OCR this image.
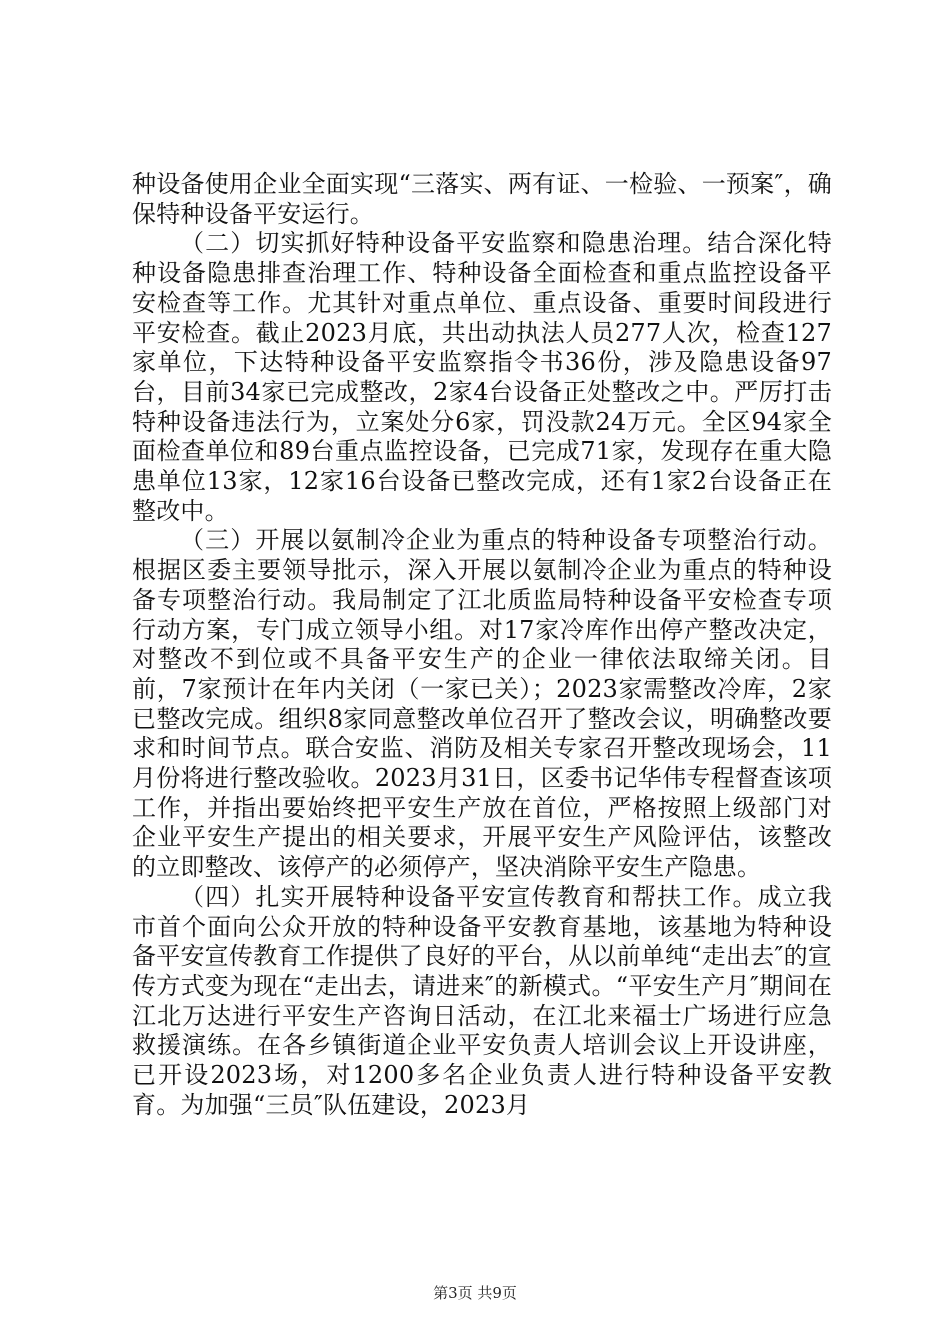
种设备使用企业全面实现“三落实、两有证、一检验、一预案″，确保特种设备平安运行。

（二）切实抓好特种设备平安监察和隐患治理。结合深化特种设备隐患排查治理工作、特种设备全面检查和重点监控设备平安检查等工作。尤其针对重点单位、重点设备、重要时间段进行平安检查。截止2023月底，共出动执法人员277人次，检查127家单位，下达特种设备平安监察指令书36份，涉及隐患设备97台，目前34家已完成整改，2家4台设备正处整改之中。严厉打击特种设备违法行为，立案处分6家，罚没款24万元。全区94家全面检查单位和89台重点监控设备，已完成71家，发现存在重大隐患单位13家，12家16台设备已整改完成，还有1家2台设备正在整改中。

（三）开展以氨制冷企业为重点的特种设备专项整治行动。根据区委主要领导批示，深入开展以氨制冷企业为重点的特种设备专项整治行动。我局制定了江北质监局特种设备平安检查专项行动方案，专门成立领导小组。对17家冷库作出停产整改决定，对整改不到位或不具备平安生产的企业一律依法取缔关闭。目前，7家预计在年内关闭（一家已关）；2023家需整改冷库，2家已整改完成。组织8家同意整改单位召开了整改会议，明确整改要求和时间节点。联合安监、消防及相关专家召开整改现场会，11月份将进行整改验收。2023月31日，区委书记华伟专程督查该项工作，并指出要始终把平安生产放在首位，严格按照上级部门对企业平安生产提出的相关要求，开展平安生产风险评估，该整改的立即整改、该停产的必须停产，坚决消除平安生产隐患。

（四）扎实开展特种设备平安宣传教育和帮扶工作。成立我市首个面向公众开放的特种设备平安教育基地，该基地为特种设备平安宣传教育工作提供了良好的平台，从以前单纯“走出去″的宣传方式变为现在“走出去，请进来″的新模式。“平安生产月″期间在江北万达进行平安生产咨询日活动，在江北来福士广场进行应急救援演练。在各乡镇街道企业平安负责人培训会议上开设讲座，已开设2023场，对1200多名企业负责人进行特种设备平安教育。为加强“三员″队伍建设，2023月

第3页 共9页
